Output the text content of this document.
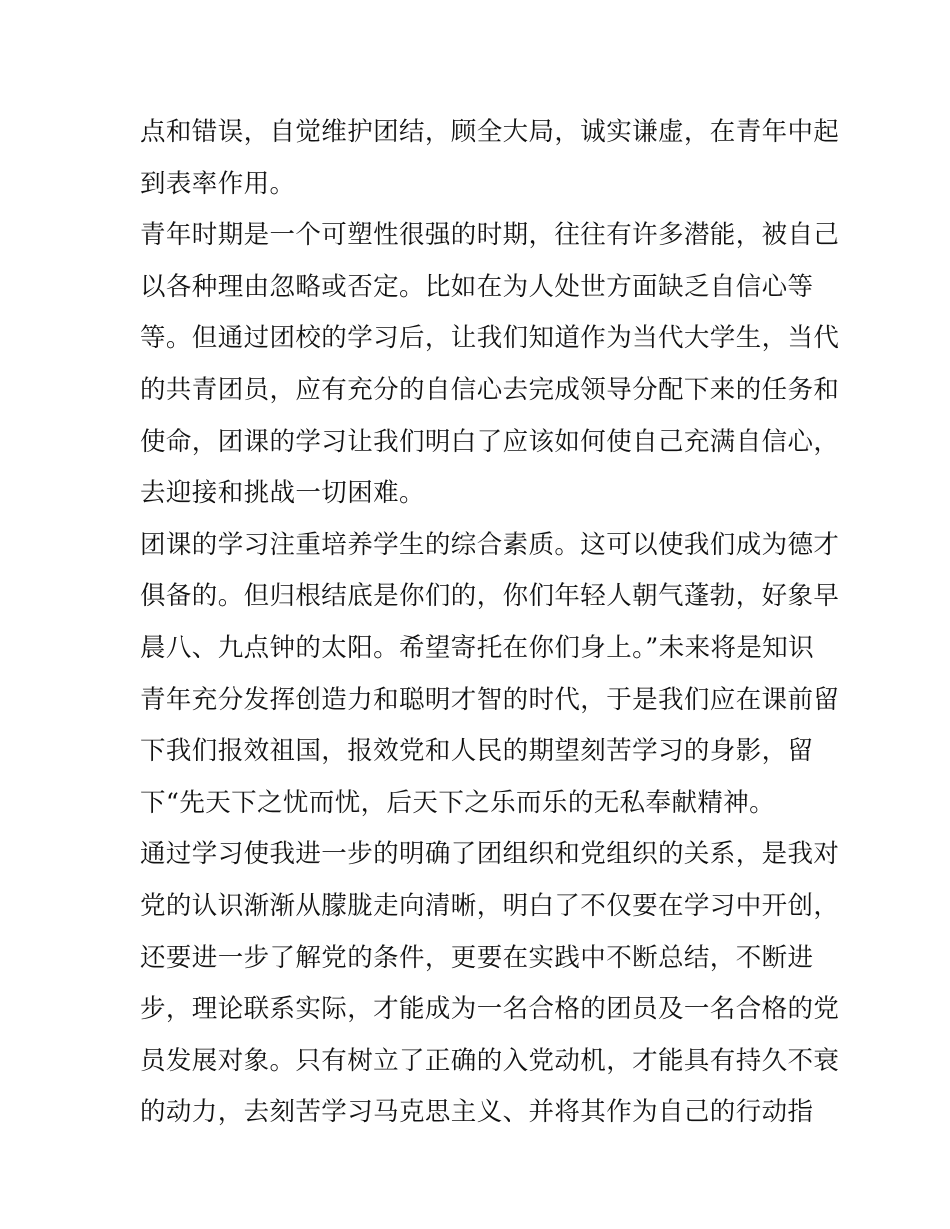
点和错误，自觉维护团结，顾全大局，诚实谦虚，在青年中起
到表率作用。
青年时期是一个可塑性很强的时期，往往有许多潜能，被自己
以各种理由忽略或否定。比如在为人处世方面缺乏自信心等
等。但通过团校的学习后，让我们知道作为当代大学生，当代
的共青团员，应有充分的自信心去完成领导分配下来的任务和
使命，团课的学习让我们明白了应该如何使自己充满自信心，
去迎接和挑战一切困难。
团课的学习注重培养学生的综合素质。这可以使我们成为德才
俱备的。但归根结底是你们的，你们年轻人朝气蓬勃，好象早
晨八、九点钟的太阳。希望寄托在你们身上。”未来将是知识
青年充分发挥创造力和聪明才智的时代，于是我们应在课前留
下我们报效祖国，报效党和人民的期望刻苦学习的身影，留
下“先天下之忧而忧，后天下之乐而乐的无私奉献精神。
通过学习使我进一步的明确了团组织和党组织的关系，是我对
党的认识渐渐从朦胧走向清晰，明白了不仅要在学习中开创，
还要进一步了解党的条件，更要在实践中不断总结，不断进
步，理论联系实际，才能成为一名合格的团员及一名合格的党
员发展对象。只有树立了正确的入党动机，才能具有持久不衰
的动力，去刻苦学习马克思主义、并将其作为自己的行动指
